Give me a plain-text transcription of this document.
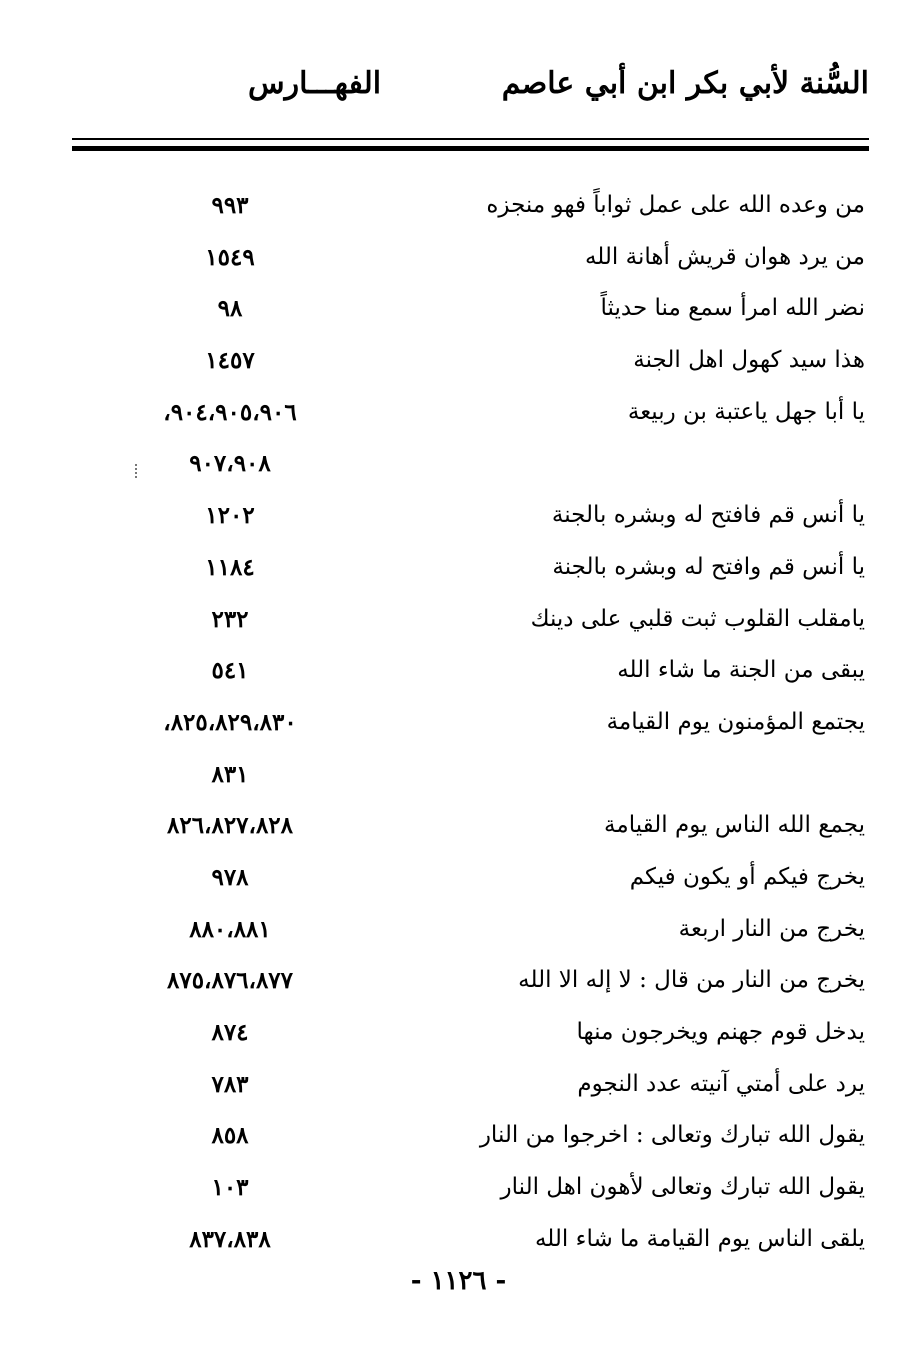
السُّنة لأبي بكر ابن أبي عاصم
الفهـــارس
من وعده الله على عمل ثواباً فهو منجزه
٩٩٣
من يرد هوان قريش أهانة الله
١٥٤٩
نضر الله امرأ سمع منا حديثاً
٩٨
هذا سيد كهول اهل الجنة
١٤٥٧
يا أبا جهل ياعتبة بن ربيعة
٩٠٤،٩٠٥،٩٠٦،
٩٠٧،٩٠٨
يا أنس قم فافتح له وبشره بالجنة
١٢٠٢
يا أنس قم وافتح له وبشره بالجنة
١١٨٤
يامقلب القلوب ثبت قلبي على دينك
٢٣٢
يبقى من الجنة ما شاء الله
٥٤١
يجتمع المؤمنون يوم القيامة
٨٢٥،٨٢٩،٨٣٠،
٨٣١
يجمع الله الناس يوم القيامة
٨٢٦،٨٢٧،٨٢٨
يخرج فيكم أو يكون فيكم
٩٧٨
يخرج من النار اربعة
٨٨٠،٨٨١
يخرج من النار من قال : لا إله الا الله
٨٧٥،٨٧٦،٨٧٧
يدخل قوم جهنم ويخرجون منها
٨٧٤
يرد على أمتي آنيته عدد النجوم
٧٨٣
يقول الله تبارك وتعالى : اخرجوا من النار
٨٥٨
يقول الله تبارك وتعالى لأهون اهل النار
١٠٣
يلقى الناس يوم القيامة ما شاء الله
٨٣٧،٨٣٨
- ١١٢٦ -
